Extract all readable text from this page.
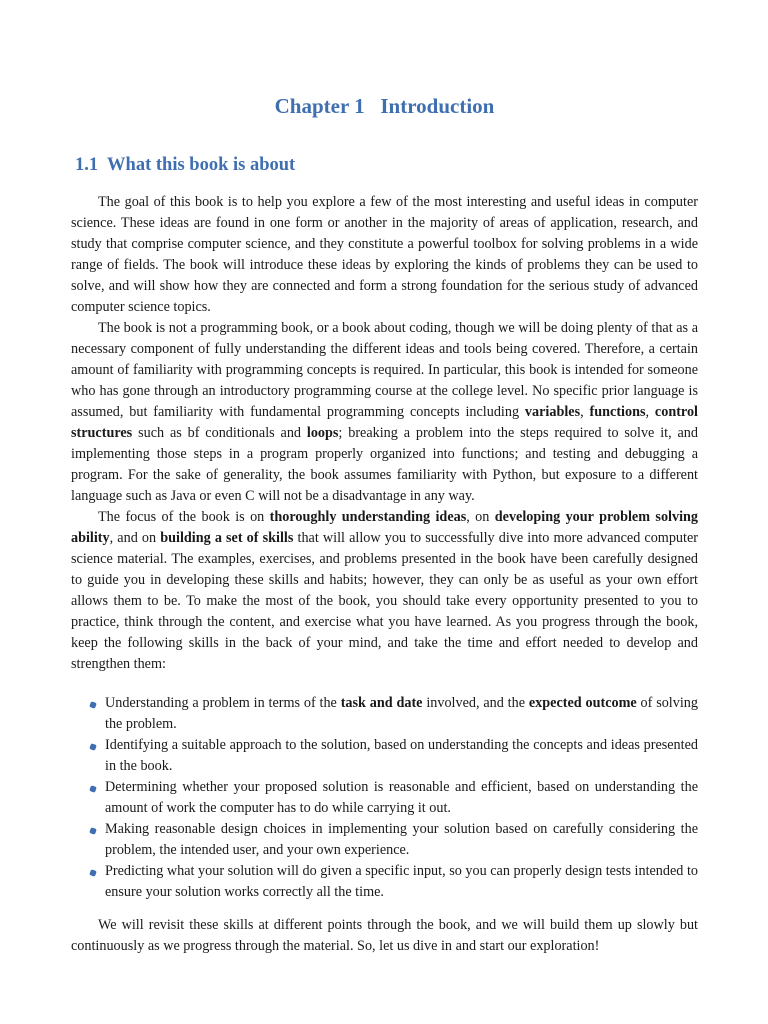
Chapter 1   Introduction
1.1  What this book is about

The goal of this book is to help you explore a few of the most interesting and useful ideas in computer science. These ideas are found in one form or another in the majority of areas of application, research, and study that comprise computer science, and they constitute a powerful toolbox for solving problems in a wide range of fields. The book will introduce these ideas by exploring the kinds of problems they can be used to solve, and will show how they are connected and form a strong foundation for the serious study of advanced computer science topics.

The book is not a programming book, or a book about coding, though we will be doing plenty of that as a necessary component of fully understanding the different ideas and tools being covered. Therefore, a certain amount of familiarity with programming concepts is required. In particular, this book is intended for someone who has gone through an introductory programming course at the college level. No specific prior language is assumed, but familiarity with fundamental programming concepts including variables, functions, control structures such as bf conditionals and loops; breaking a problem into the steps required to solve it, and implementing those steps in a program properly organized into functions; and testing and debugging a program. For the sake of generality, the book assumes familiarity with Python, but exposure to a different language such as Java or even C will not be a disadvantage in any way.

The focus of the book is on thoroughly understanding ideas, on developing your problem solving ability, and on building a set of skills that will allow you to successfully dive into more advanced computer science material. The examples, exercises, and problems presented in the book have been carefully designed to guide you in developing these skills and habits; however, they can only be as useful as your own effort allows them to be. To make the most of the book, you should take every opportunity presented to you to practice, think through the content, and exercise what you have learned. As you progress through the book, keep the following skills in the back of your mind, and take the time and effort needed to develop and strengthen them:

Understanding a problem in terms of the task and date involved, and the expected outcome of solving the problem.
Identifying a suitable approach to the solution, based on understanding the concepts and ideas presented in the book.
Determining whether your proposed solution is reasonable and efficient, based on understanding the amount of work the computer has to do while carrying it out.
Making reasonable design choices in implementing your solution based on carefully considering the problem, the intended user, and your own experience.
Predicting what your solution will do given a specific input, so you can properly design tests intended to ensure your solution works correctly all the time.

We will revisit these skills at different points through the book, and we will build them up slowly but continuously as we progress through the material. So, let us dive in and start our exploration!
